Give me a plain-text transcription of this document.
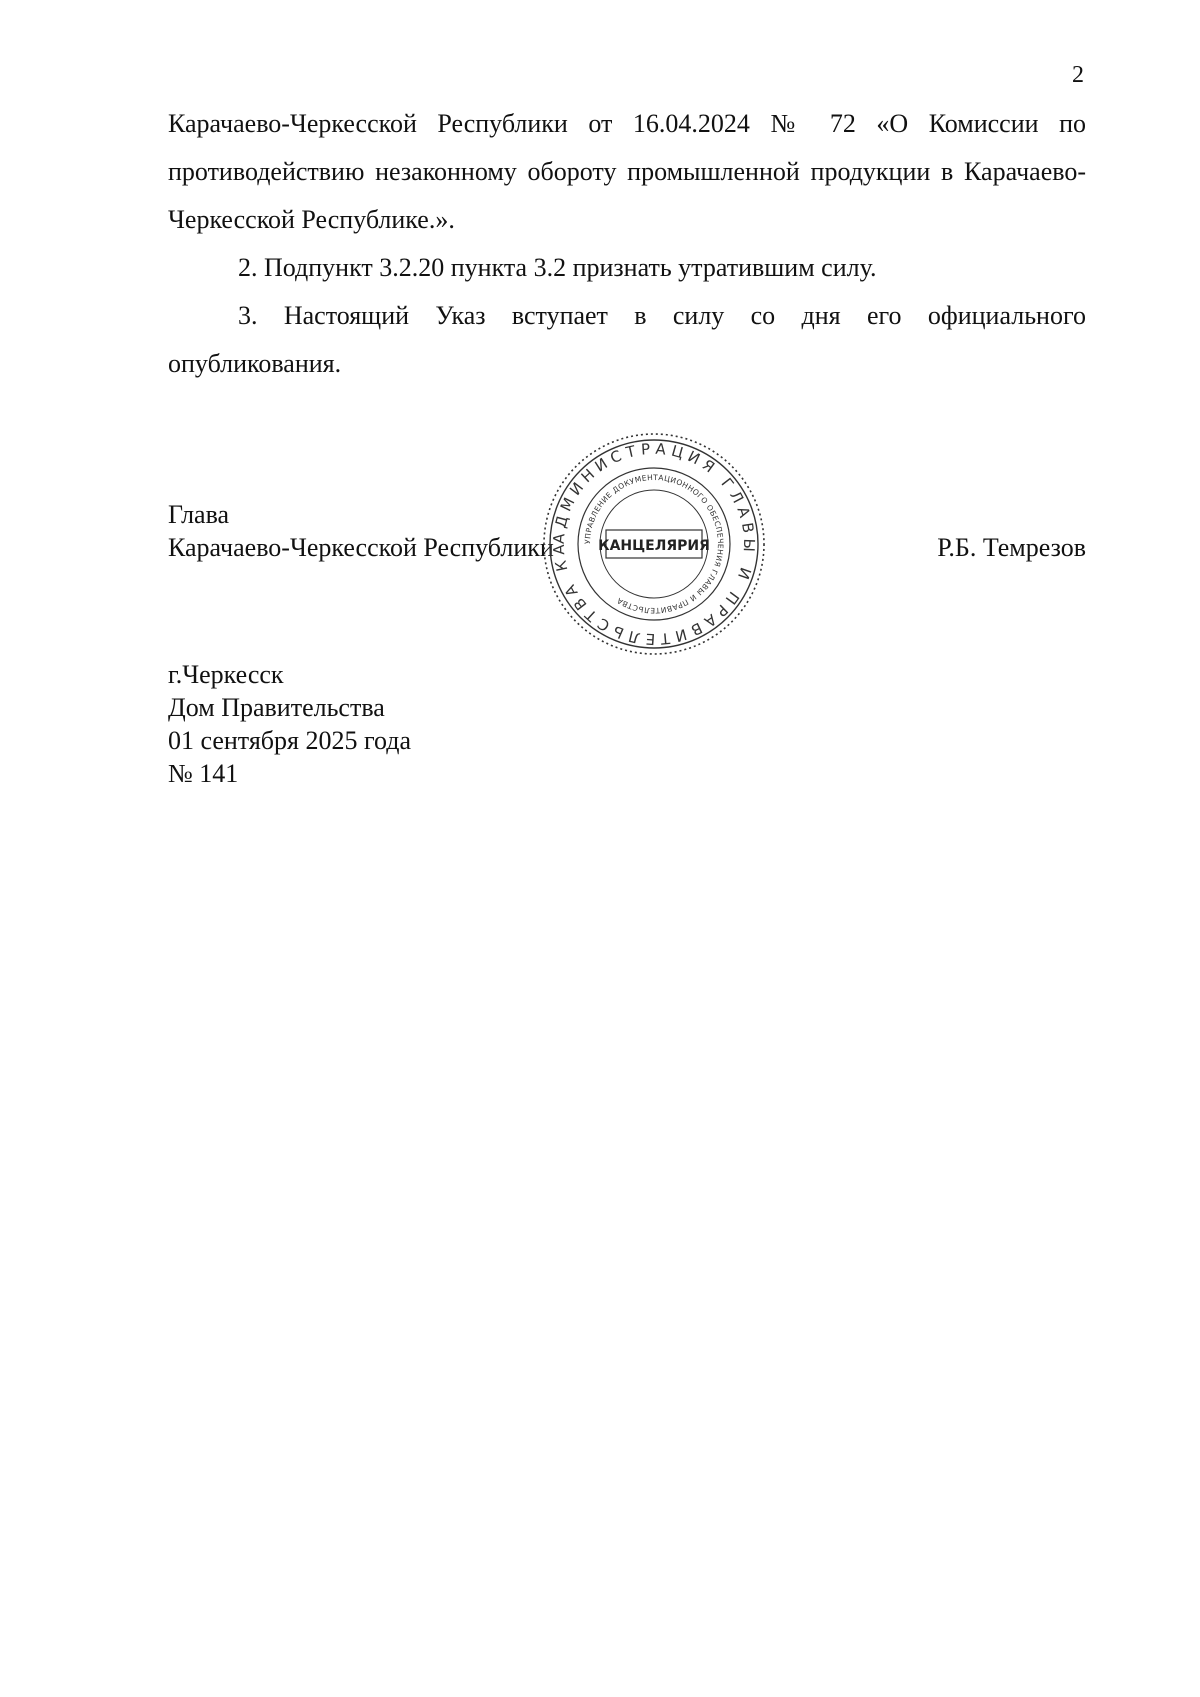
2

Карачаево-Черкесской Республики от 16.04.2024 № 72 «О Комиссии по противодействию незаконному обороту промышленной продукции в Карачаево-Черкесской Республике.».

2. Подпункт 3.2.20 пункта 3.2 признать утратившим силу.

3. Настоящий Указ вступает в силу со дня его официального опубликования.

Глава
Карачаево-Черкесской Республики	Р.Б. Темрезов
АДМИНИСТРАЦИЯ ГЛАВЫ И ПРАВИТЕЛЬСТВА КА	УПРАВЛЕНИЕ ДОКУМЕНТАЦИОННОГО ОБЕСПЕЧЕНИЯ ГЛАВЫ И ПРАВИТЕЛЬСТВА
КАНЦЕЛЯРИЯ
г.Черкесск
Дом Правительства
01 сентября 2025 года
№ 141
